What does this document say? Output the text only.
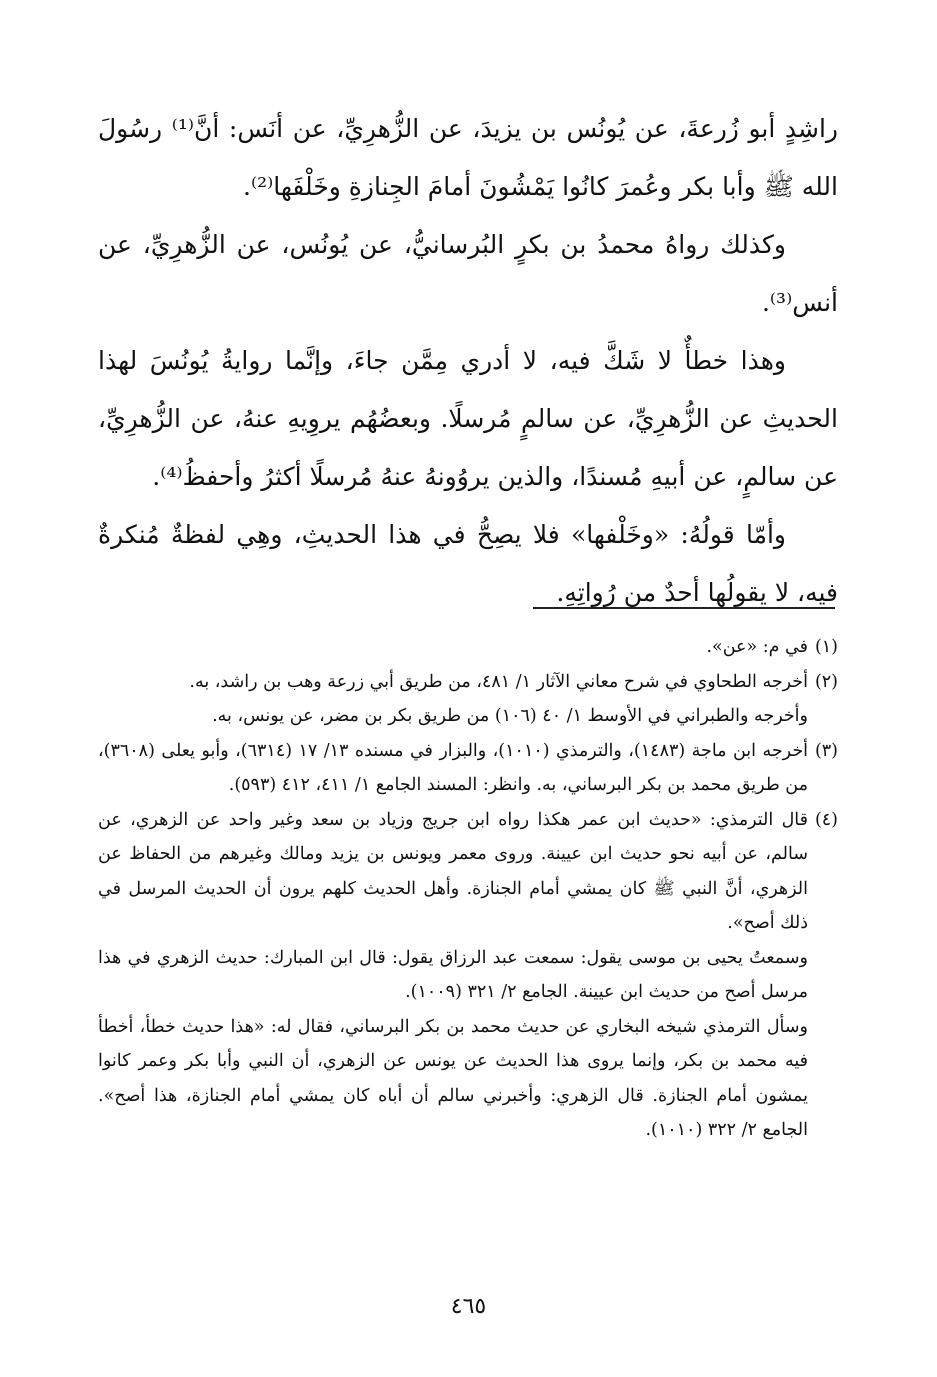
راشِدٍ أبو زُرعةَ، عن يُونُس بن يزيدَ، عن الزُّهرِيِّ، عن أنَس: أنَّ⁽¹⁾ رسُولَ الله ﷺ وأبا بكر وعُمرَ كانُوا يَمْشُونَ أمامَ الجِنازةِ وخَلْفَها⁽²⁾.

وكذلك رواهُ محمدُ بن بكرٍ البُرسانيُّ، عن يُونُس، عن الزُّهرِيِّ، عن أنس⁽³⁾.

وهذا خطأٌ لا شَكَّ فيه، لا أدري مِمَّن جاءَ، وإنَّما روايةُ يُونُسَ لهذا الحديثِ عن الزُّهرِيِّ، عن سالمٍ مُرسلًا. وبعضُهُم يروِيهِ عنهُ، عن الزُّهرِيِّ، عن سالمٍ، عن أبيهِ مُسندًا، والذين يروُونهُ عنهُ مُرسلًا أكثرُ وأحفظُ⁽⁴⁾.

وأمّا قولُهُ: «وخَلْفها» فلا يصِحُّ في هذا الحديثِ، وهِي لفظةٌ مُنكرةٌ فيه، لا يقولُها أحدٌ من رُواتِهِ.

(١)
في م: «عن».
(٢)
أخرجه الطحاوي في شرح معاني الآثار ١/ ٤٨١، من طريق أبي زرعة وهب بن راشد، به.

وأخرجه والطبراني في الأوسط ١/ ٤٠ (١٠٦) من طريق بكر بن مضر، عن يونس، به.

(٣)
أخرجه ابن ماجة (١٤٨٣)، والترمذي (١٠١٠)، والبزار في مسنده ١٣/ ١٧ (٦٣١٤)، وأبو يعلى (٣٦٠٨)، من طريق محمد بن بكر البرساني، به. وانظر: المسند الجامع ١/ ٤١١، ٤١٢ (٥٩٣).
(٤)
قال الترمذي: «حديث ابن عمر هكذا رواه ابن جريج وزياد بن سعد وغير واحد عن الزهري، عن سالم، عن أبيه نحو حديث ابن عيينة. وروى معمر ويونس بن يزيد ومالك وغيرهم من الحفاظ عن الزهري، أنَّ النبي ﷺ كان يمشي أمام الجنازة. وأهل الحديث كلهم يرون أن الحديث المرسل في ذلك أصح».

وسمعتُ يحيى بن موسى يقول: سمعت عبد الرزاق يقول: قال ابن المبارك: حديث الزهري في هذا مرسل أصح من حديث ابن عيينة. الجامع ٢/ ٣٢١ (١٠٠٩).

وسأل الترمذي شيخه البخاري عن حديث محمد بن بكر البرساني، فقال له: «هذا حديث خطأ، أخطأ فيه محمد بن بكر، وإنما يروى هذا الحديث عن يونس عن الزهري، أن النبي وأبا بكر وعمر كانوا يمشون أمام الجنازة. قال الزهري: وأخبرني سالم أن أباه كان يمشي أمام الجنازة، هذا أصح». الجامع ٢/ ٣٢٢ (١٠١٠).

٤٦٥
